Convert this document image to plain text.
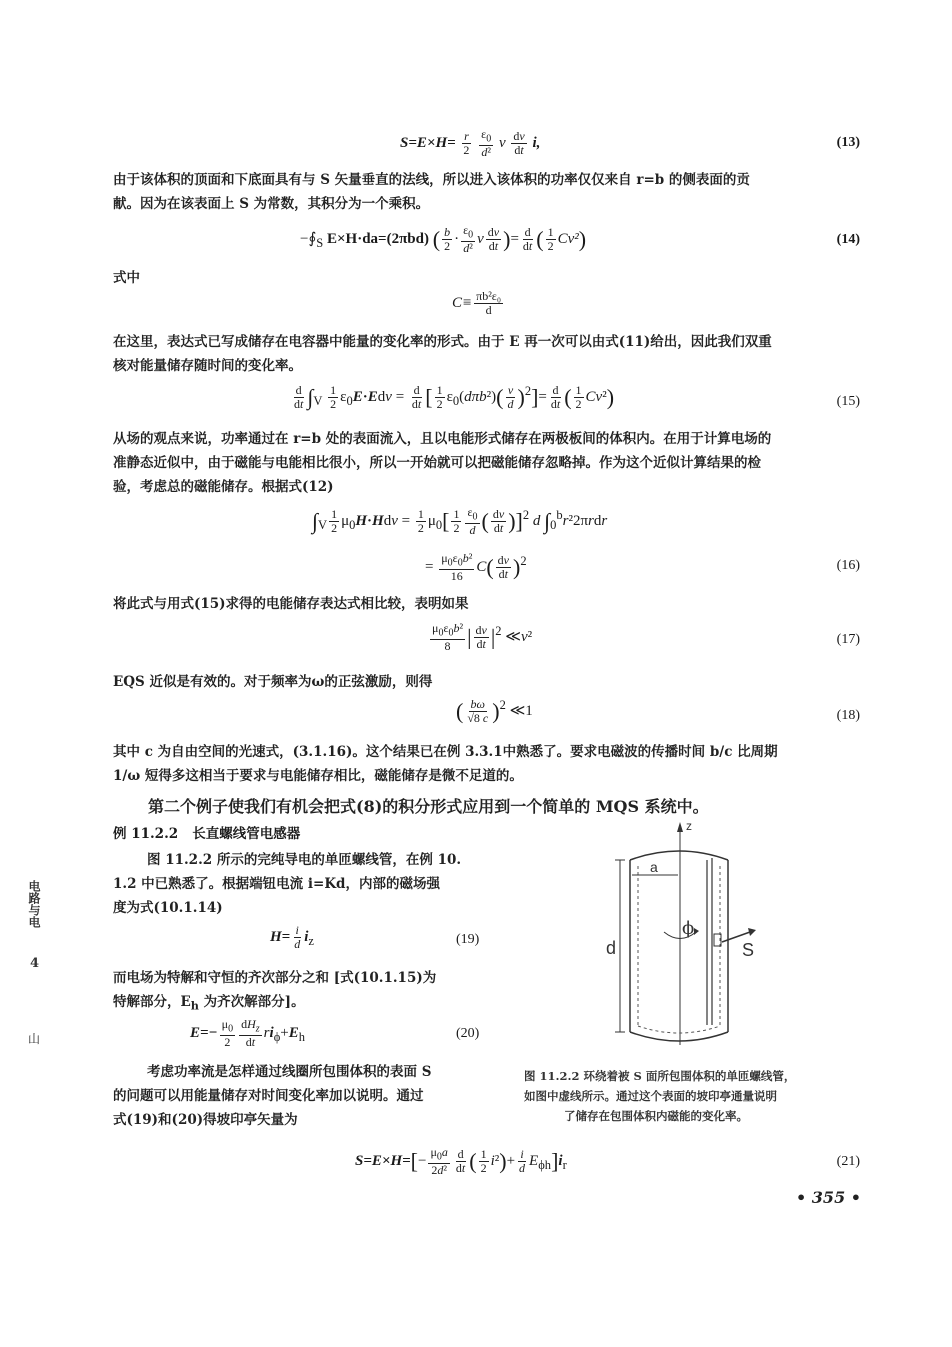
$S=E\times H= \frac{r}{2}$
$\frac{\varepsilon_0}{\text{d²}}$ v $\frac{dv}{dt} i$,	(13)
由于该体积的顶面和下底面具有与 S 矢量垂直的法线，所以进入该体积的功率仅仅来自 r=b 的侧表面的贡
献。因为在该表面上 S 为常数，其积分为一个乘积。
$-∮_S$ E×H·da=(2πbd) ( $\frac{b}{2} \cdot \frac{\varepsilon_0}{\text{d²}}$ v $\frac{dv}{dt}$ )= $\frac{d}{dt}$ ( $\frac{1}{2} Cv^2$)	(14)
式中
$C\equiv \frac{\text{πb²ε₀}}{d}$
在这里，表达式已写成储存在电容器中能量的变化率的形式。由于 E 再一次可以由式(11)给出，因此我们双重
核对能量储存随时间的变化率。
$\frac{d}{dt} \int_V \frac{1}{2} \varepsilon_0E\cdot Edv = \frac{d}{dt}$ [ $\frac{1}{2} \varepsilon_0(d\pi b^2)( \frac{v}{d} )^2]= \frac{d}{dt}$ ( $\frac{1}{2} Cv^2$)	(15)
从场的观点来说，功率通过在 r=b 处的表面流入，且以电能形式储存在两极板间的体积内。在用于计算电场的
准静态近似中，由于磁能与电能相比很小，所以一开始就可以把磁能储存忽略掉。作为这个近似计算结果的检
验，考虑总的磁能储存。根据式(12)
$\int_V \frac{1}{2} \mu_0H\cdot Hdv = \frac{1}{2} \mu_0[ \frac{1}{2} \frac{\varepsilon_0}{d}$ ( $\frac{dv}{dt} )]^2$ d $\int_0^br^22\pi rdr$
= $\frac{\mu_0\varepsilon_0b^2}{16} C( \frac{dv}{dt} )^2$	(16)
将此式与用式(15)求得的电能储存表达式相比较，表明如果
$\frac{\mu_0\varepsilon_0b^2}{8}$ | $\frac{dv}{dt} |^2$ ≪v²	(17)
EQS 近似是有效的。对于频率为ω的正弦激励，则得
( $\frac{b\omega}{√8 c} )^2$ ≪1	(18)
其中 c 为自由空间的光速式，(3.1.16)。这个结果已在例 3.3.1中熟悉了。要求电磁波的传播时间 b/c 比周期
1/ω 短得多这相当于要求与电能储存相比，磁能储存是微不足道的。
第二个例子使我们有机会把式(8)的积分形式应用到一个简单的 MQS 系统中。
例 11.2.2 长直螺线管电感器
图 11.2.2 所示的完纯导电的单匝螺线管，在例 10.
1.2 中已熟悉了。根据端钮电流 i=Kd，内部的磁场强
度为式(10.1.14)
$H= \frac{i}{d} i_z$	(19)
而电场为特解和守恒的齐次部分之和 [式(10.1.15)为
特解部分，$E_h$ 为齐次解部分]。
$E=- \frac{\mu_0}{2} \frac{dH_z}{dt} ri_\phi+E_h$	(20)
考虑功率流是怎样通过线圈所包围体积的表面 S
的问题可以用能量储存对时间变化率加以说明。通过
式(19)和(20)得坡印亭矢量为
z
a
d
ϕ
S
图 11.2.2 环绕着被 S 面所包围体积的单匝螺线管，
如图中虚线所示。通过这个表面的坡印亭通量说明
了储存在包围体积内磁能的变化率。
$S=E\times H=[- \frac{\mu_0a}{\text{2d²}} \frac{d}{dt}$ ( $\frac{1}{2} i^2)+ \frac{i}{d} E_{\phi h}]i_r$	(21)
电路与电
4
山
• 355 •
